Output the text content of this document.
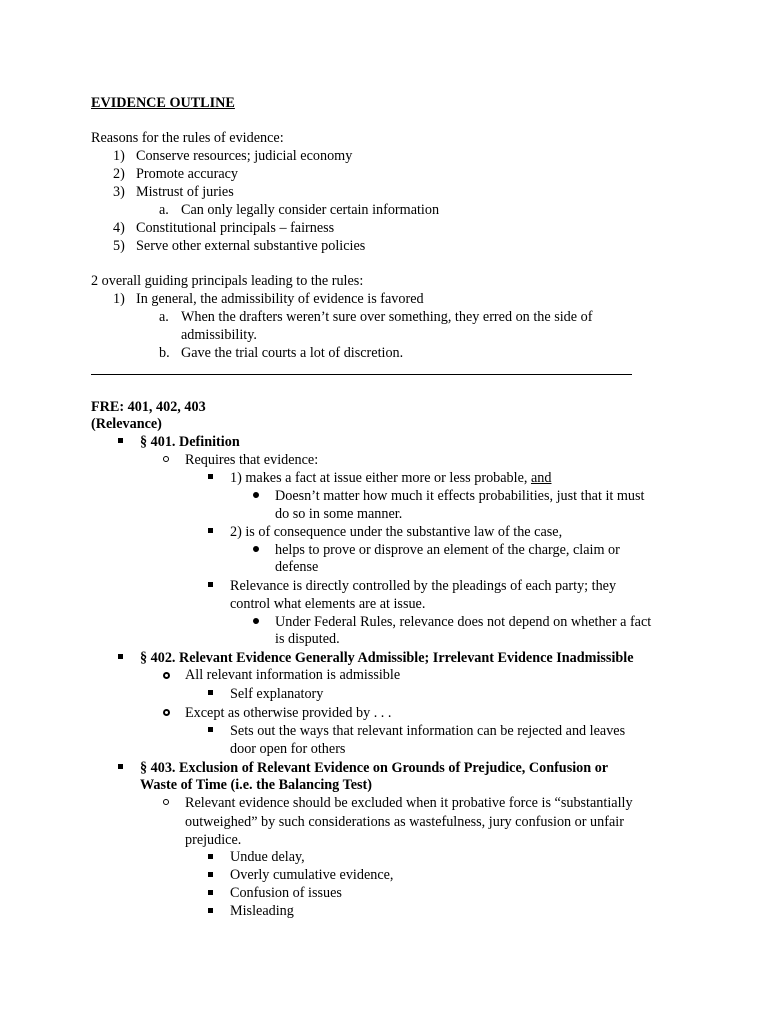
EVIDENCE OUTLINE
Reasons for the rules of evidence:
1) Conserve resources; judicial economy
2) Promote accuracy
3) Mistrust of juries
a. Can only legally consider certain information
4) Constitutional principals – fairness
5) Serve other external substantive policies
2 overall guiding principals leading to the rules:
1) In general, the admissibility of evidence is favored
a. When the drafters weren’t sure over something, they erred on the side of
admissibility.
b. Gave the trial courts a lot of discretion.
FRE: 401, 402, 403
(Relevance)
§ 401. Definition
Requires that evidence:
1) makes a fact at issue either more or less probable, and
Doesn’t matter how much it effects probabilities, just that it must
do so in some manner.
2) is of consequence under the substantive law of the case,
helps to prove or disprove an element of the charge, claim or
defense
Relevance is directly controlled by the pleadings of each party; they
control what elements are at issue.
Under Federal Rules, relevance does not depend on whether a fact
is disputed.
§ 402. Relevant Evidence Generally Admissible; Irrelevant Evidence Inadmissible
All relevant information is admissible
Self explanatory
Except as otherwise provided by . . .
Sets out the ways that relevant information can be rejected and leaves
door open for others
§ 403. Exclusion of Relevant Evidence on Grounds of Prejudice, Confusion or
Waste of Time (i.e. the Balancing Test)
Relevant evidence should be excluded when it probative force is “substantially
outweighed” by such considerations as wastefulness, jury confusion or unfair
prejudice.
Undue delay,
Overly cumulative evidence,
Confusion of issues
Misleading
